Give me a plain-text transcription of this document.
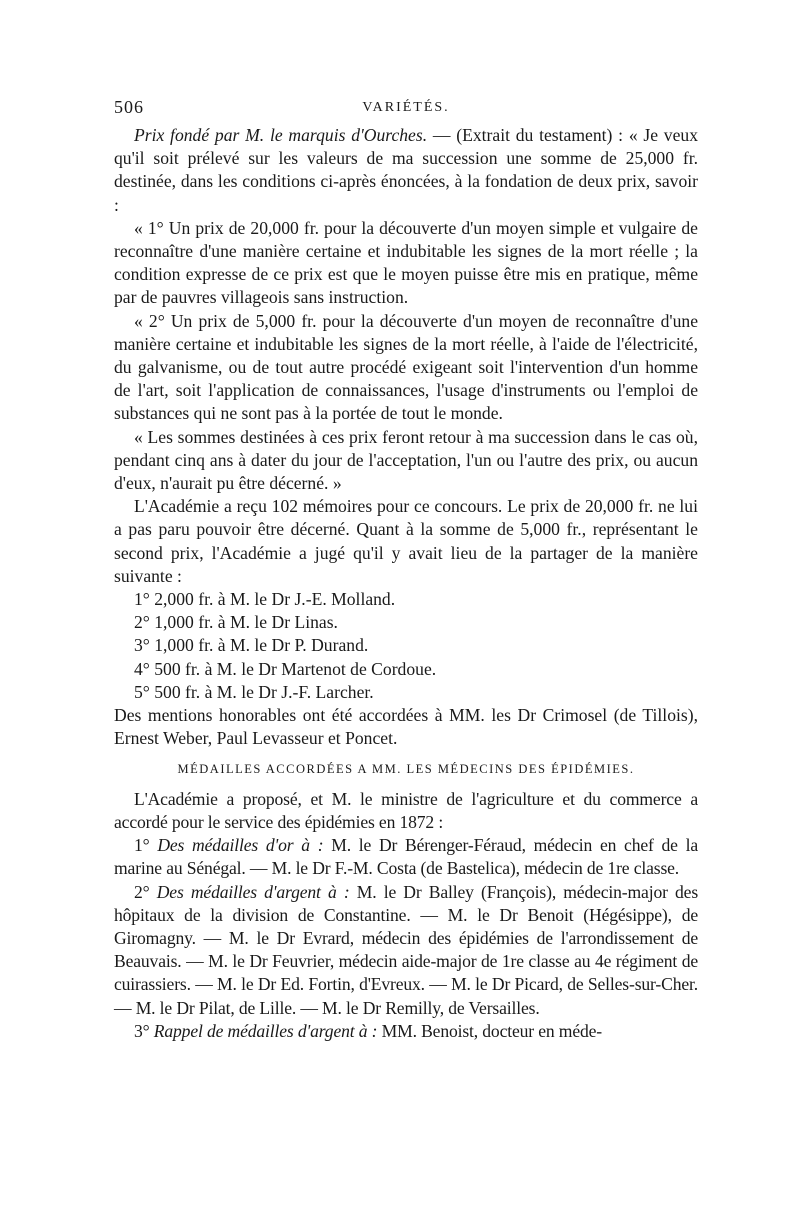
506	VARIÉTÉS.

Prix fondé par M. le marquis d'Ourches. — (Extrait du testament) : « Je veux qu'il soit prélevé sur les valeurs de ma succession une somme de 25,000 fr. destinée, dans les conditions ci-après énoncées, à la fondation de deux prix, savoir :

« 1° Un prix de 20,000 fr. pour la découverte d'un moyen simple et vulgaire de reconnaître d'une manière certaine et indubitable les signes de la mort réelle ; la condition expresse de ce prix est que le moyen puisse être mis en pratique, même par de pauvres villageois sans instruction.

« 2° Un prix de 5,000 fr. pour la découverte d'un moyen de reconnaître d'une manière certaine et indubitable les signes de la mort réelle, à l'aide de l'électricité, du galvanisme, ou de tout autre procédé exigeant soit l'intervention d'un homme de l'art, soit l'application de connaissances, l'usage d'instruments ou l'emploi de substances qui ne sont pas à la portée de tout le monde.

« Les sommes destinées à ces prix feront retour à ma succession dans le cas où, pendant cinq ans à dater du jour de l'acceptation, l'un ou l'autre des prix, ou aucun d'eux, n'aurait pu être décerné. »

L'Académie a reçu 102 mémoires pour ce concours. Le prix de 20,000 fr. ne lui a pas paru pouvoir être décerné. Quant à la somme de 5,000 fr., représentant le second prix, l'Académie a jugé qu'il y avait lieu de la partager de la manière suivante :

1° 2,000 fr. à M. le Dr J.-E. Molland.
2° 1,000 fr. à M. le Dr Linas.
3° 1,000 fr. à M. le Dr P. Durand.
4° 500 fr. à M. le Dr Martenot de Cordoue.
5° 500 fr. à M. le Dr J.-F. Larcher.

Des mentions honorables ont été accordées à MM. les Dr Crimosel (de Tillois), Ernest Weber, Paul Levasseur et Poncet.

MÉDAILLES ACCORDÉES A MM. LES MÉDECINS DES ÉPIDÉMIES.

L'Académie a proposé, et M. le ministre de l'agriculture et du commerce a accordé pour le service des épidémies en 1872 :

1° Des médailles d'or à : M. le Dr Bérenger-Féraud, médecin en chef de la marine au Sénégal. — M. le Dr F.-M. Costa (de Bastelica), médecin de 1re classe.

2° Des médailles d'argent à : M. le Dr Balley (François), médecin-major des hôpitaux de la division de Constantine. — M. le Dr Benoit (Hégésippe), de Giromagny. — M. le Dr Evrard, médecin des épidémies de l'arrondissement de Beauvais. — M. le Dr Feuvrier, médecin aide-major de 1re classe au 4e régiment de cuirassiers. — M. le Dr Ed. Fortin, d'Evreux. — M. le Dr Picard, de Selles-sur-Cher. — M. le Dr Pilat, de Lille. — M. le Dr Remilly, de Versailles.

3° Rappel de médailles d'argent à : MM. Benoist, docteur en méde-
